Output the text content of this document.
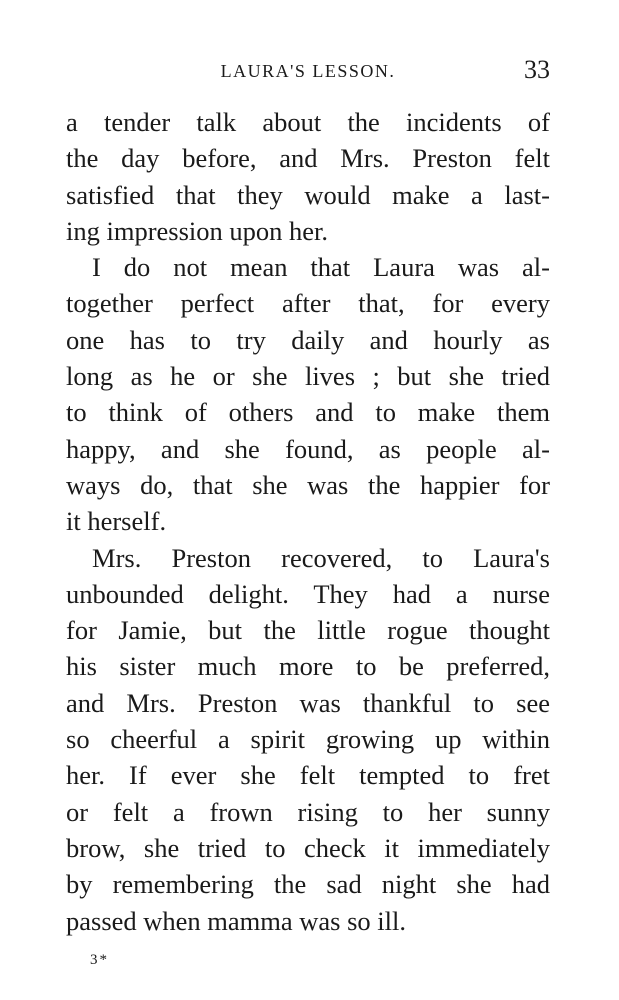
LAURA'S LESSON.	33
a tender talk about the incidents of
the day before, and Mrs. Preston felt
satisfied that they would make a last-
ing impression upon her.
I do not mean that Laura was al-
together perfect after that, for every
one has to try daily and hourly as
long as he or she lives ; but she tried
to think of others and to make them
happy, and she found, as people al-
ways do, that she was the happier for
it herself.
Mrs. Preston recovered, to Laura's
unbounded delight. They had a nurse
for Jamie, but the little rogue thought
his sister much more to be preferred,
and Mrs. Preston was thankful to see
so cheerful a spirit growing up within
her. If ever she felt tempted to fret
or felt a frown rising to her sunny
brow, she tried to check it immediately
by remembering the sad night she had
passed when mamma was so ill.
3*
